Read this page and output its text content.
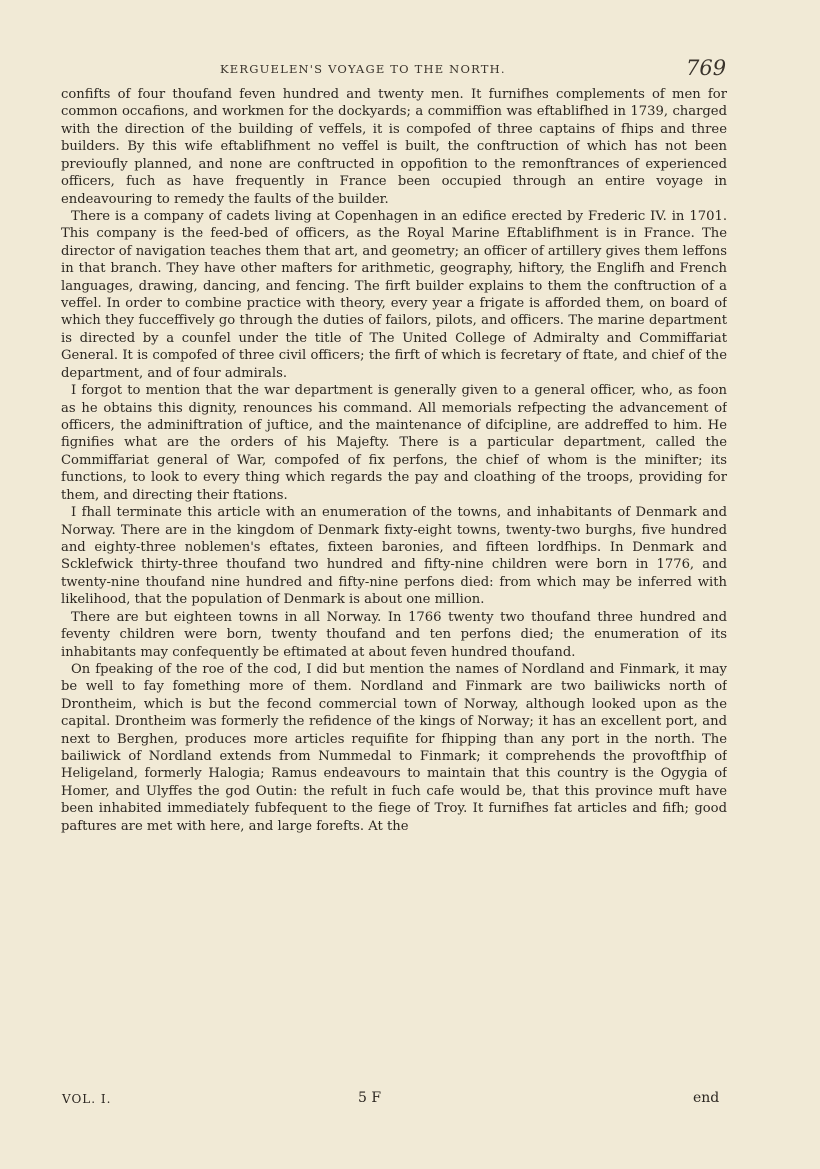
KERGUELEN'S VOYAGE TO THE NORTH.	769

confifts of four thoufand feven hundred and twenty men. It furnifhes complements of men for common occafions, and workmen for the dockyards; a commiffion was eftablifhed in 1739, charged with the direction of the building of veffels, it is compofed of three captains of fhips and three builders. By this wife eftablifhment no veffel is built, the conftruction of which has not been previoufly planned, and none are conftructed in oppofition to the remonftrances of experienced officers, fuch as have frequently in France been occupied through an entire voyage in endeavouring to remedy the faults of the builder.

There is a company of cadets living at Copenhagen in an edifice erected by Frederic IV. in 1701. This company is the feed-bed of officers, as the Royal Marine Eftablifhment is in France. The director of navigation teaches them that art, and geometry; an officer of artillery gives them leffons in that branch. They have other mafters for arithmetic, geography, hiftory, the Englifh and French languages, drawing, dancing, and fencing. The firft builder explains to them the conftruction of a veffel. In order to combine practice with theory, every year a frigate is afforded them, on board of which they fucceffively go through the duties of failors, pilots, and officers. The marine department is directed by a counfel under the title of The United College of Admiralty and Commiffariat General. It is compofed of three civil officers; the firft of which is fecretary of ftate, and chief of the department, and of four admirals.

I forgot to mention that the war department is generally given to a general officer, who, as foon as he obtains this dignity, renounces his command. All memorials refpecting the advancement of officers, the adminiftration of juftice, and the maintenance of difcipline, are addreffed to him. He fignifies what are the orders of his Majefty. There is a particular department, called the Commiffariat general of War, compofed of fix perfons, the chief of whom is the minifter; its functions, to look to every thing which regards the pay and cloathing of the troops, providing for them, and directing their ftations.

I fhall terminate this article with an enumeration of the towns, and inhabitants of Denmark and Norway. There are in the kingdom of Denmark fixty-eight towns, twenty-two burghs, five hundred and eighty-three noblemen's eftates, fixteen baronies, and fifteen lordfhips. In Denmark and Scklefwick thirty-three thoufand two hundred and fifty-nine children were born in 1776, and twenty-nine thoufand nine hundred and fifty-nine perfons died: from which may be inferred with likelihood, that the population of Denmark is about one million.

There are but eighteen towns in all Norway. In 1766 twenty two thoufand three hundred and feventy children were born, twenty thoufand and ten perfons died; the enumeration of its inhabitants may confequently be eftimated at about feven hundred thoufand.

On fpeaking of the roe of the cod, I did but mention the names of Nordland and Finmark, it may be well to fay fomething more of them. Nordland and Finmark are two bailiwicks north of Drontheim, which is but the fecond commercial town of Norway, although looked upon as the capital. Drontheim was formerly the refidence of the kings of Norway; it has an excellent port, and next to Berghen, produces more articles requifite for fhipping than any port in the north. The bailiwick of Nordland extends from Nummedal to Finmark; it comprehends the provoftfhip of Heligeland, formerly Halogia; Ramus endeavours to maintain that this country is the Ogygia of Homer, and Ulyffes the god Outin: the refult in fuch cafe would be, that this province muft have been inhabited immediately fubfequent to the fiege of Troy. It furnifhes fat articles and fifh; good paftures are met with here, and large forefts. At the

VOL. I.	5 F	end
